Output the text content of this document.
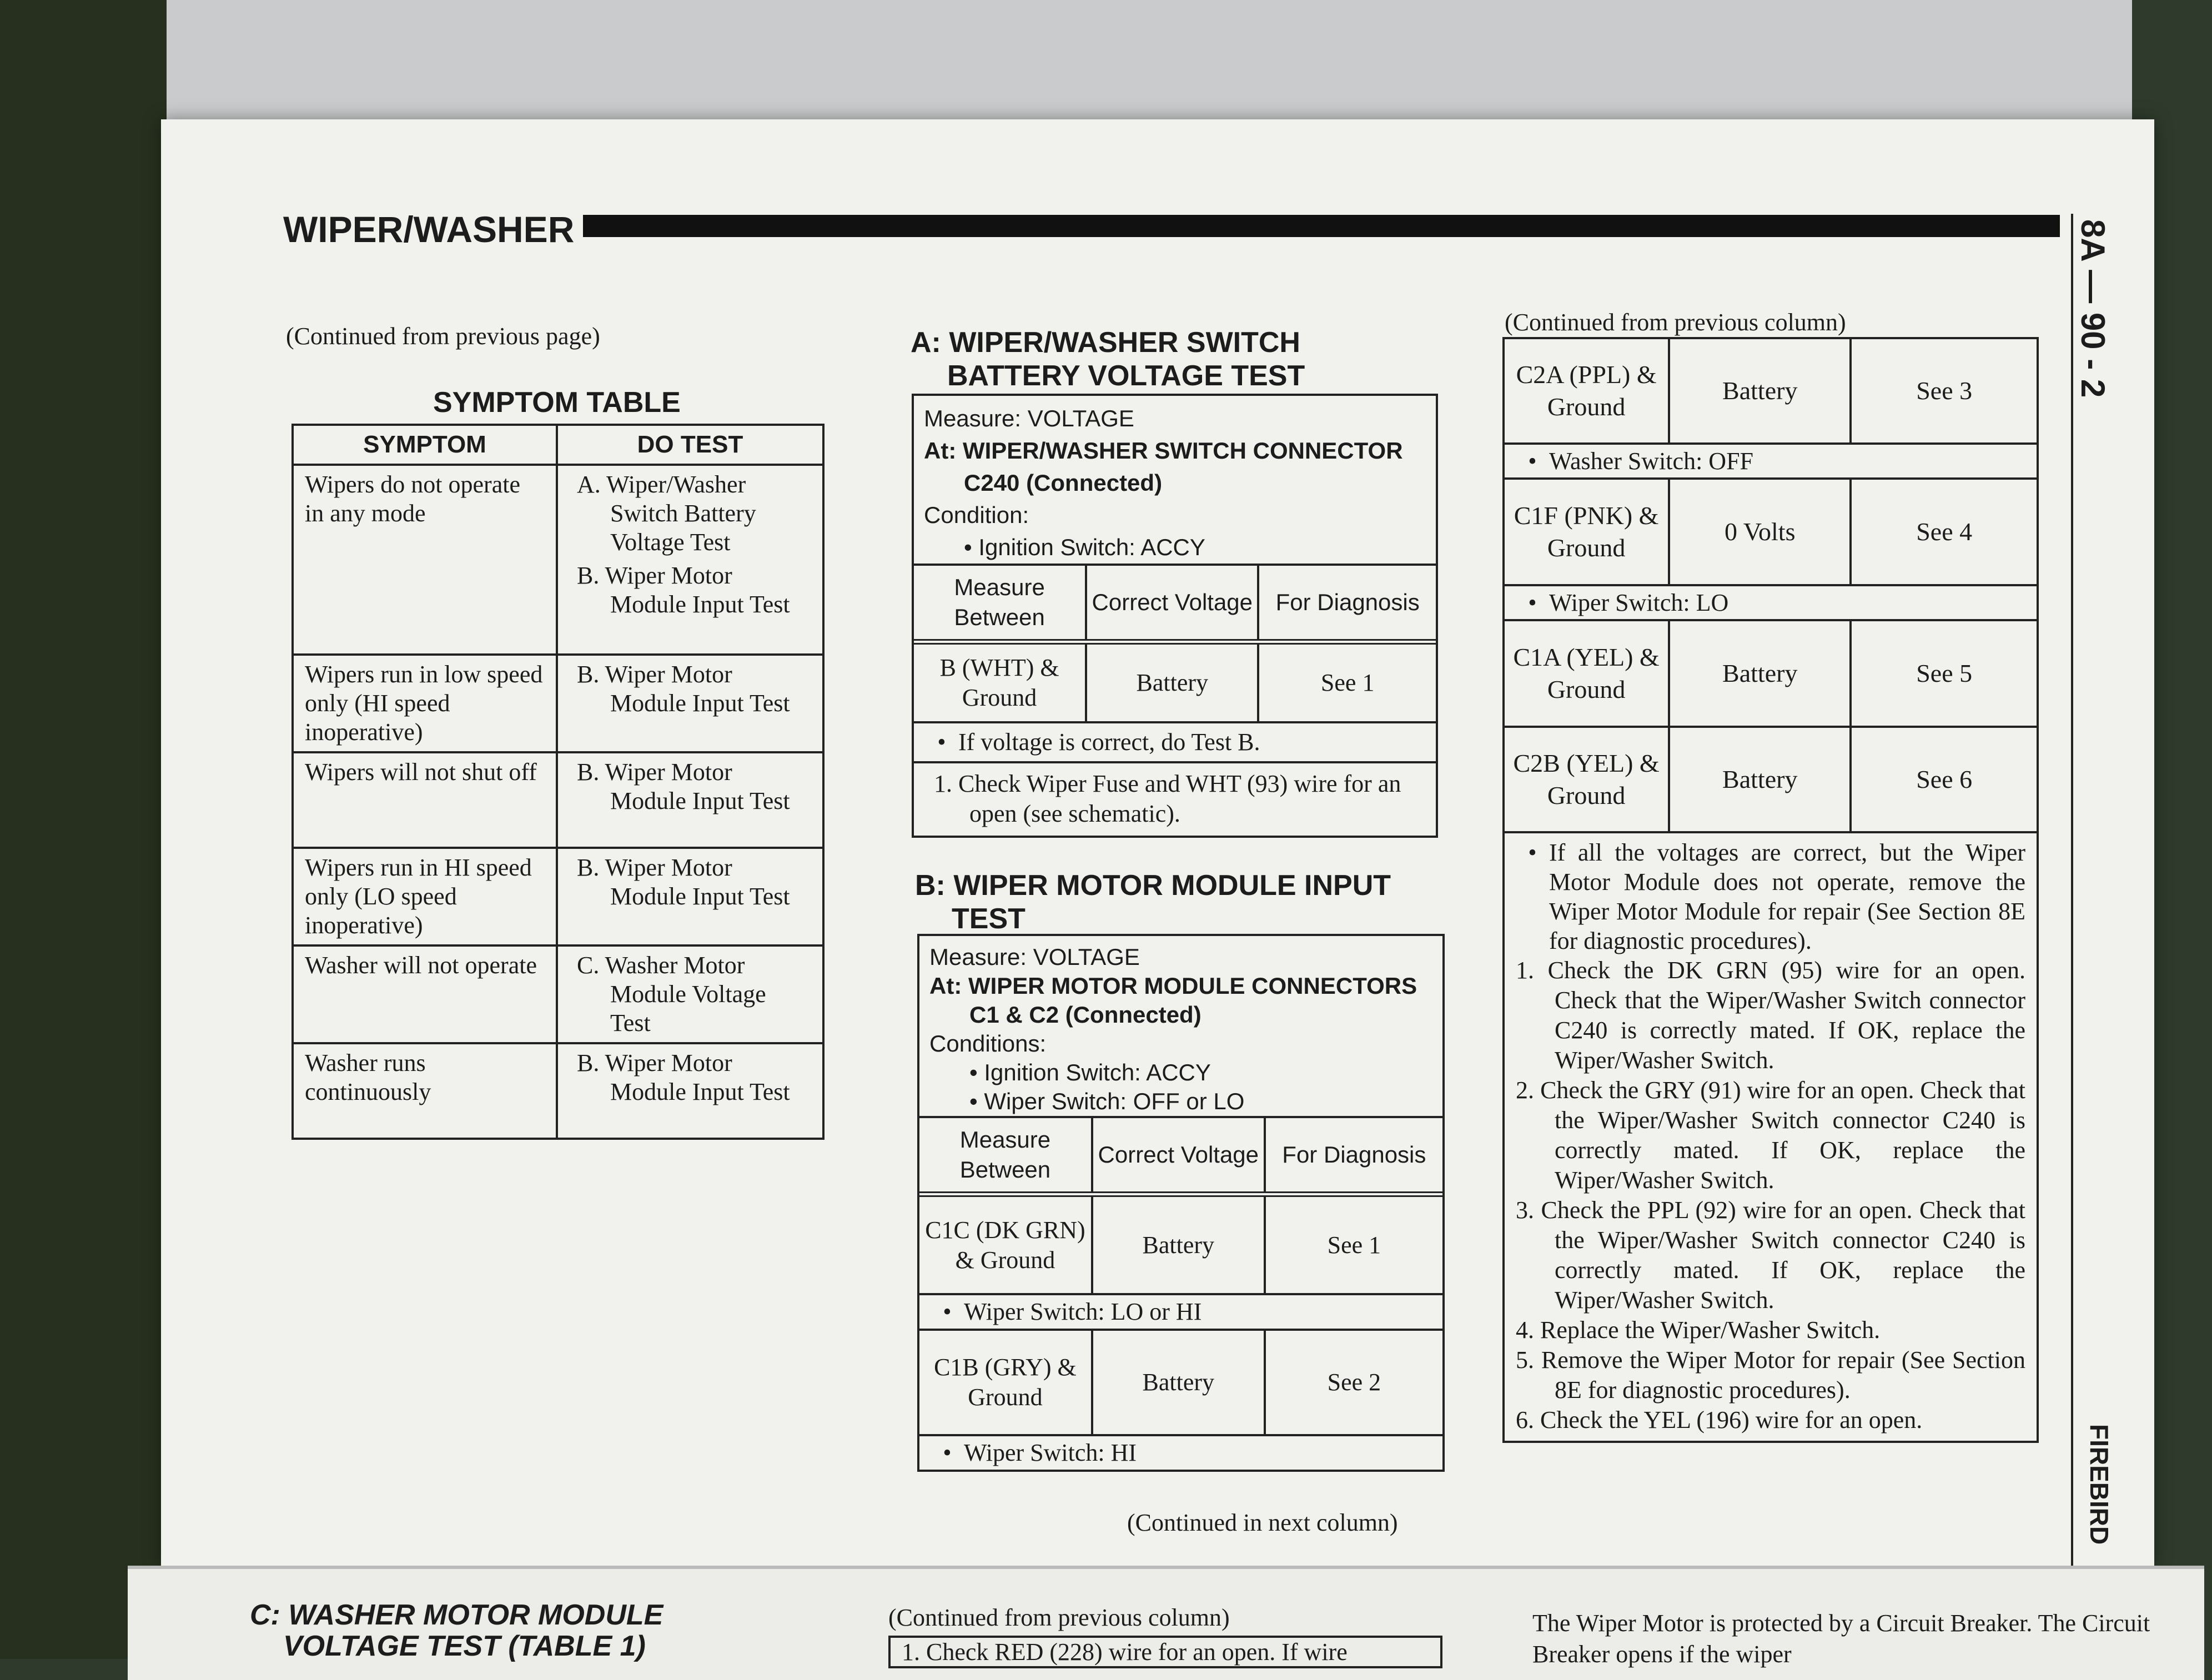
WIPER/WASHER	8A — 90 - 2
FIREBIRD
(Continued from previous page)
SYMPTOM TABLE
SYMPTOM	DO TEST
Wipers do not operate in any mode	A. Wiper/Washer Switch Battery Voltage Test
B. Wiper Motor Module Input Test

Wipers run in low speed only (HI speed inoperative)	B. Wiper Motor Module Input Test

Wipers will not shut off	B. Wiper Motor Module Input Test

Wipers run in HI speed only (LO speed inoperative)	B. Wiper Motor Module Input Test

Washer will not operate	C. Washer Motor Module Voltage Test

Washer runs continuously	B. Wiper Motor Module Input Test
A: WIPER/WASHER SWITCH
BATTERY VOLTAGE TEST
Measure: VOLTAGE
At: WIPER/WASHER SWITCH CONNECTOR
C240 (Connected)
Condition:
• Ignition Switch: ACCY
Measure Between	Correct Voltage	For Diagnosis
B (WHT) & Ground	Battery	See 1
• If voltage is correct, do Test B.
1. Check Wiper Fuse and WHT (93) wire for an open (see schematic).
B: WIPER MOTOR MODULE INPUT
TEST
Measure: VOLTAGE
At: WIPER MOTOR MODULE CONNECTORS
C1 & C2 (Connected)
Conditions:
• Ignition Switch: ACCY
• Wiper Switch: OFF or LO
Measure Between	Correct Voltage	For Diagnosis
C1C (DK GRN) & Ground	Battery	See 1
• Wiper Switch: LO or HI
C1B (GRY) & Ground	Battery	See 2
• Wiper Switch: HI
(Continued in next column)
(Continued from previous column)
C2A (PPL) & Ground	Battery	See 3
• Washer Switch: OFF
C1F (PNK) & Ground	0 Volts	See 4
• Wiper Switch: LO
C1A (YEL) & Ground	Battery	See 5
C2B (YEL) & Ground	Battery	See 6
• If all the voltages are correct, but the Wiper Motor Module does not operate, remove the Wiper Motor Module for repair (See Section 8E for diagnostic procedures).
1. Check the DK GRN (95) wire for an open. Check that the Wiper/Washer Switch connector C240 is correctly mated. If OK, replace the Wiper/Washer Switch.
2. Check the GRY (91) wire for an open. Check that the Wiper/Washer Switch connector C240 is correctly mated. If OK, replace the Wiper/Washer Switch.
3. Check the PPL (92) wire for an open. Check that the Wiper/Washer Switch connector C240 is correctly mated. If OK, replace the Wiper/Washer Switch.
4. Replace the Wiper/Washer Switch.
5. Remove the Wiper Motor for repair (See Section 8E for diagnostic procedures).
6. Check the YEL (196) wire for an open.
C: WASHER MOTOR MODULE
VOLTAGE TEST (TABLE 1)
(Continued from previous column)
1. Check RED (228) wire for an open. If wire
The Wiper Motor is protected by a Circuit Breaker. The Circuit Breaker opens if the wiper
